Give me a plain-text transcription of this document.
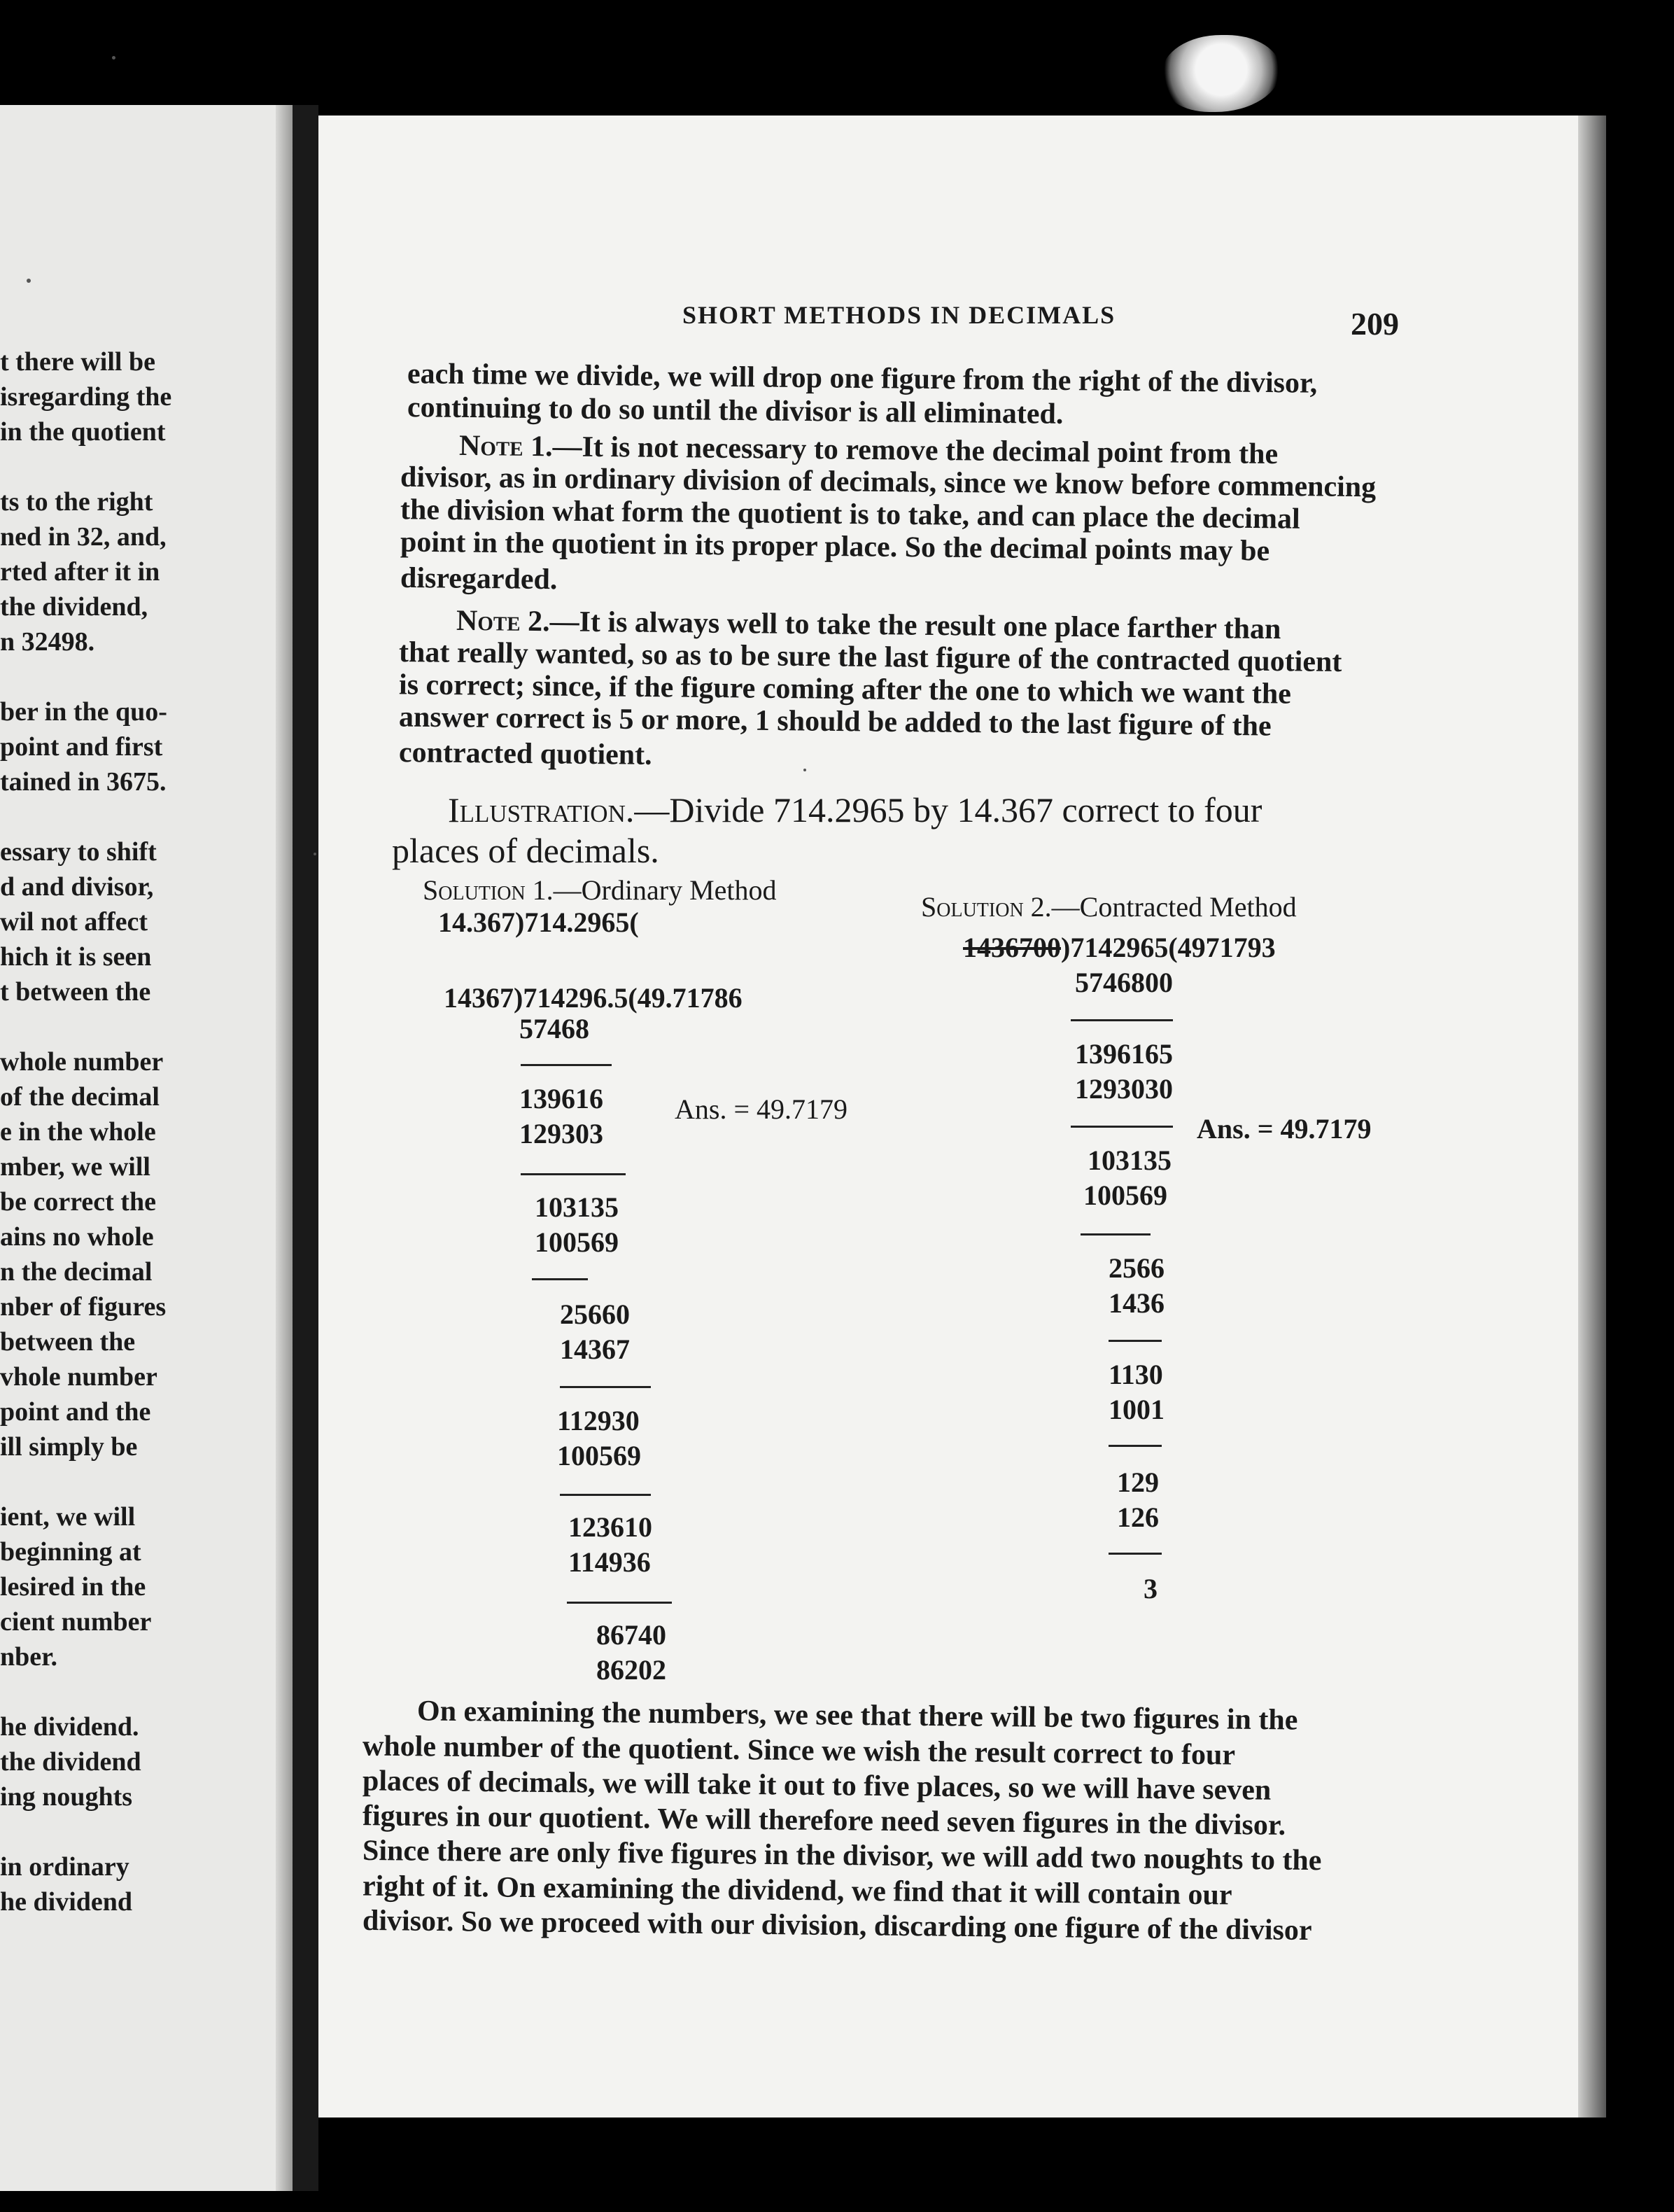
t there will be
isregarding the
in the quotient
ts to the right
ned in 32, and,
rted after it in
the dividend,
n 32498.
ber in the quo-
point and first
tained in 3675.
essary to shift
d and divisor,
wil not affect
hich it is seen
t between the
whole number
of the decimal
e in the whole
mber, we will
be correct the
ains no whole
n the decimal
nber of figures
between the
vhole number
point and the
ill simply be
ient, we will
beginning at
lesired in the
cient number
nber.
he dividend.
the dividend
ing noughts
in ordinary
he dividend
SHORT METHODS IN DECIMALS	209
each time we divide, we will drop one figure from the right of the divisor,
continuing to do so until the divisor is all eliminated.
Note 1.—It is not necessary to remove the decimal point from the
divisor, as in ordinary division of decimals, since we know before commencing
the division what form the quotient is to take, and can place the decimal
point in the quotient in its proper place. So the decimal points may be
disregarded.
Note 2.—It is always well to take the result one place farther than
that really wanted, so as to be sure the last figure of the contracted quotient
is correct; since, if the figure coming after the one to which we want the
answer correct is 5 or more, 1 should be added to the last figure of the
contracted quotient.
Illustration.—Divide 714.2965 by 14.367 correct to four
places of decimals.
Solution 1.—Ordinary Method
14.367)714.2965(
14367)714296.5(49.71786
57468
139616
129303
103135
100569
25660
14367
112930
100569
123610
114936
86740
86202
Ans. = 49.7179
Solution 2.—Contracted Method
1436700)7142965(4971793
5746800
1396165
1293030
103135
100569
2566
1436
1130
1001
129
126
3
Ans. = 49.7179
On examining the numbers, we see that there will be two figures in the
whole number of the quotient. Since we wish the result correct to four
places of decimals, we will take it out to five places, so we will have seven
figures in our quotient. We will therefore need seven figures in the divisor.
Since there are only five figures in the divisor, we will add two noughts to the
right of it. On examining the dividend, we find that it will contain our
divisor. So we proceed with our division, discarding one figure of the divisor
